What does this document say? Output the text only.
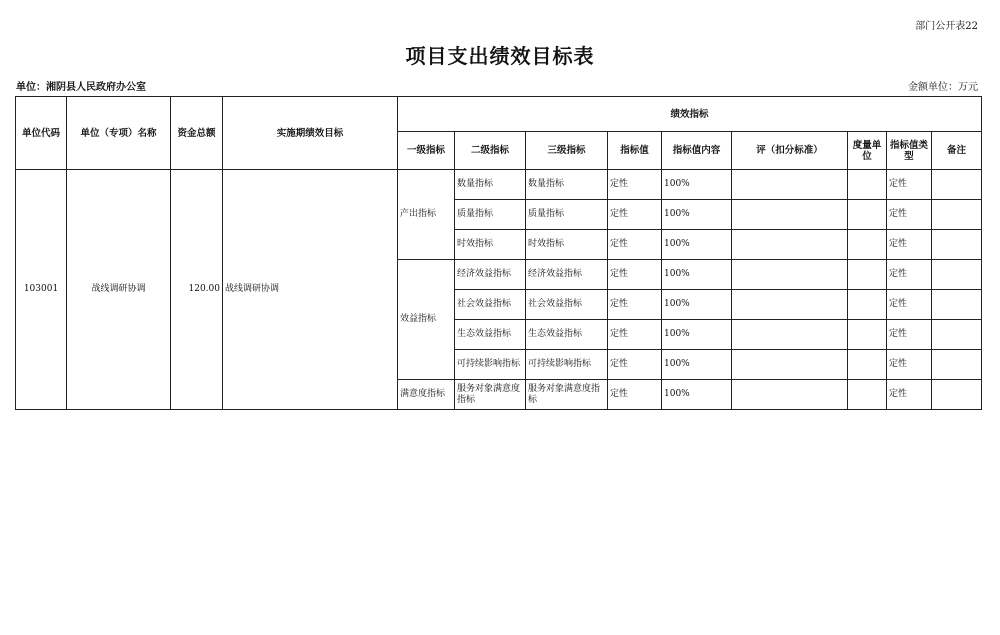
部门公开表22
项目支出绩效目标表
单位：湘阴县人民政府办公室	金额单位：万元
单位代码	单位（专项）名称	资金总额	实施期绩效目标	绩效指标								
				一级指标	二级指标	三级指标	指标值	指标值内容	评（扣分标准）	度量单位	指标值类型	备注
103001	战线调研协调	120.00	战线调研协调	产出指标	数量指标	数量指标	定性	100%			定性	
					质量指标	质量指标	定性	100%			定性	
					时效指标	时效指标	定性	100%			定性	
				效益指标	经济效益指标	经济效益指标	定性	100%			定性	
					社会效益指标	社会效益指标	定性	100%			定性	
					生态效益指标	生态效益指标	定性	100%			定性	
					可持续影响指标	可持续影响指标	定性	100%			定性	
				满意度指标	服务对象满意度指标	服务对象满意度指标	定性	100%			定性	
